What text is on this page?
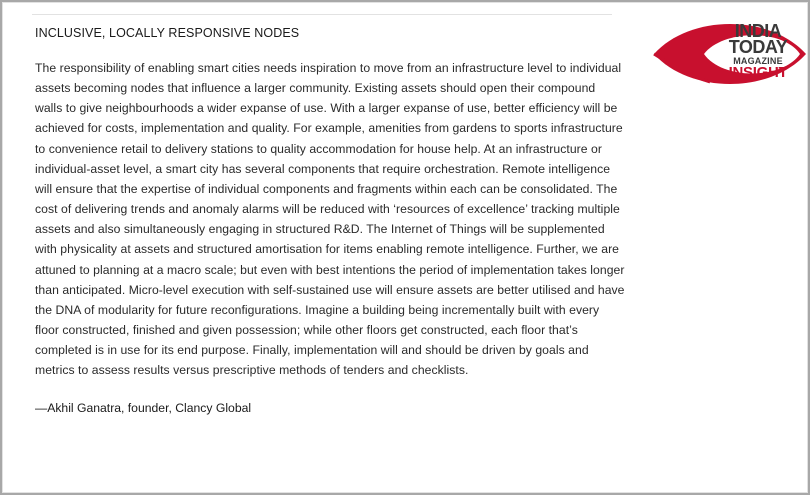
INCLUSIVE, LOCALLY RESPONSIVE NODES

The responsibility of enabling smart cities needs inspiration to move from an infrastructure level to individual assets becoming nodes that influence a larger community. Existing assets should open their compound walls to give neighbourhoods a wider expanse of use. With a larger expanse of use, better efficiency will be achieved for costs, implementation and quality. For example, amenities from gardens to sports infrastructure to convenience retail to delivery stations to quality accommodation for house help. At an infrastructure or individual-asset level, a smart city has several components that require orchestration. Remote intelligence will ensure that the expertise of individual components and fragments within each can be consolidated. The cost of delivering trends and anomaly alarms will be reduced with ‘resources of excellence’ tracking multiple assets and also simultaneously engaging in structured R&D. The Internet of Things will be supplemented with physicality at assets and structured amortisation for items enabling remote intelligence. Further, we are attuned to planning at a macro scale; but even with best intentions the period of implementation takes longer than anticipated. Micro-level execution with self-sustained use will ensure assets are better utilised and have the DNA of modularity for future reconfigurations. Imagine a building being incrementally built with every floor constructed, finished and given possession; while other floors get constructed, each floor that’s completed is in use for its end purpose. Finally, implementation will and should be driven by goals and metrics to assess results versus prescriptive methods of tenders and checklists.

—Akhil Ganatra, founder, Clancy Global

INDIA
TODAY
MAGAZINE
INSIGHT
